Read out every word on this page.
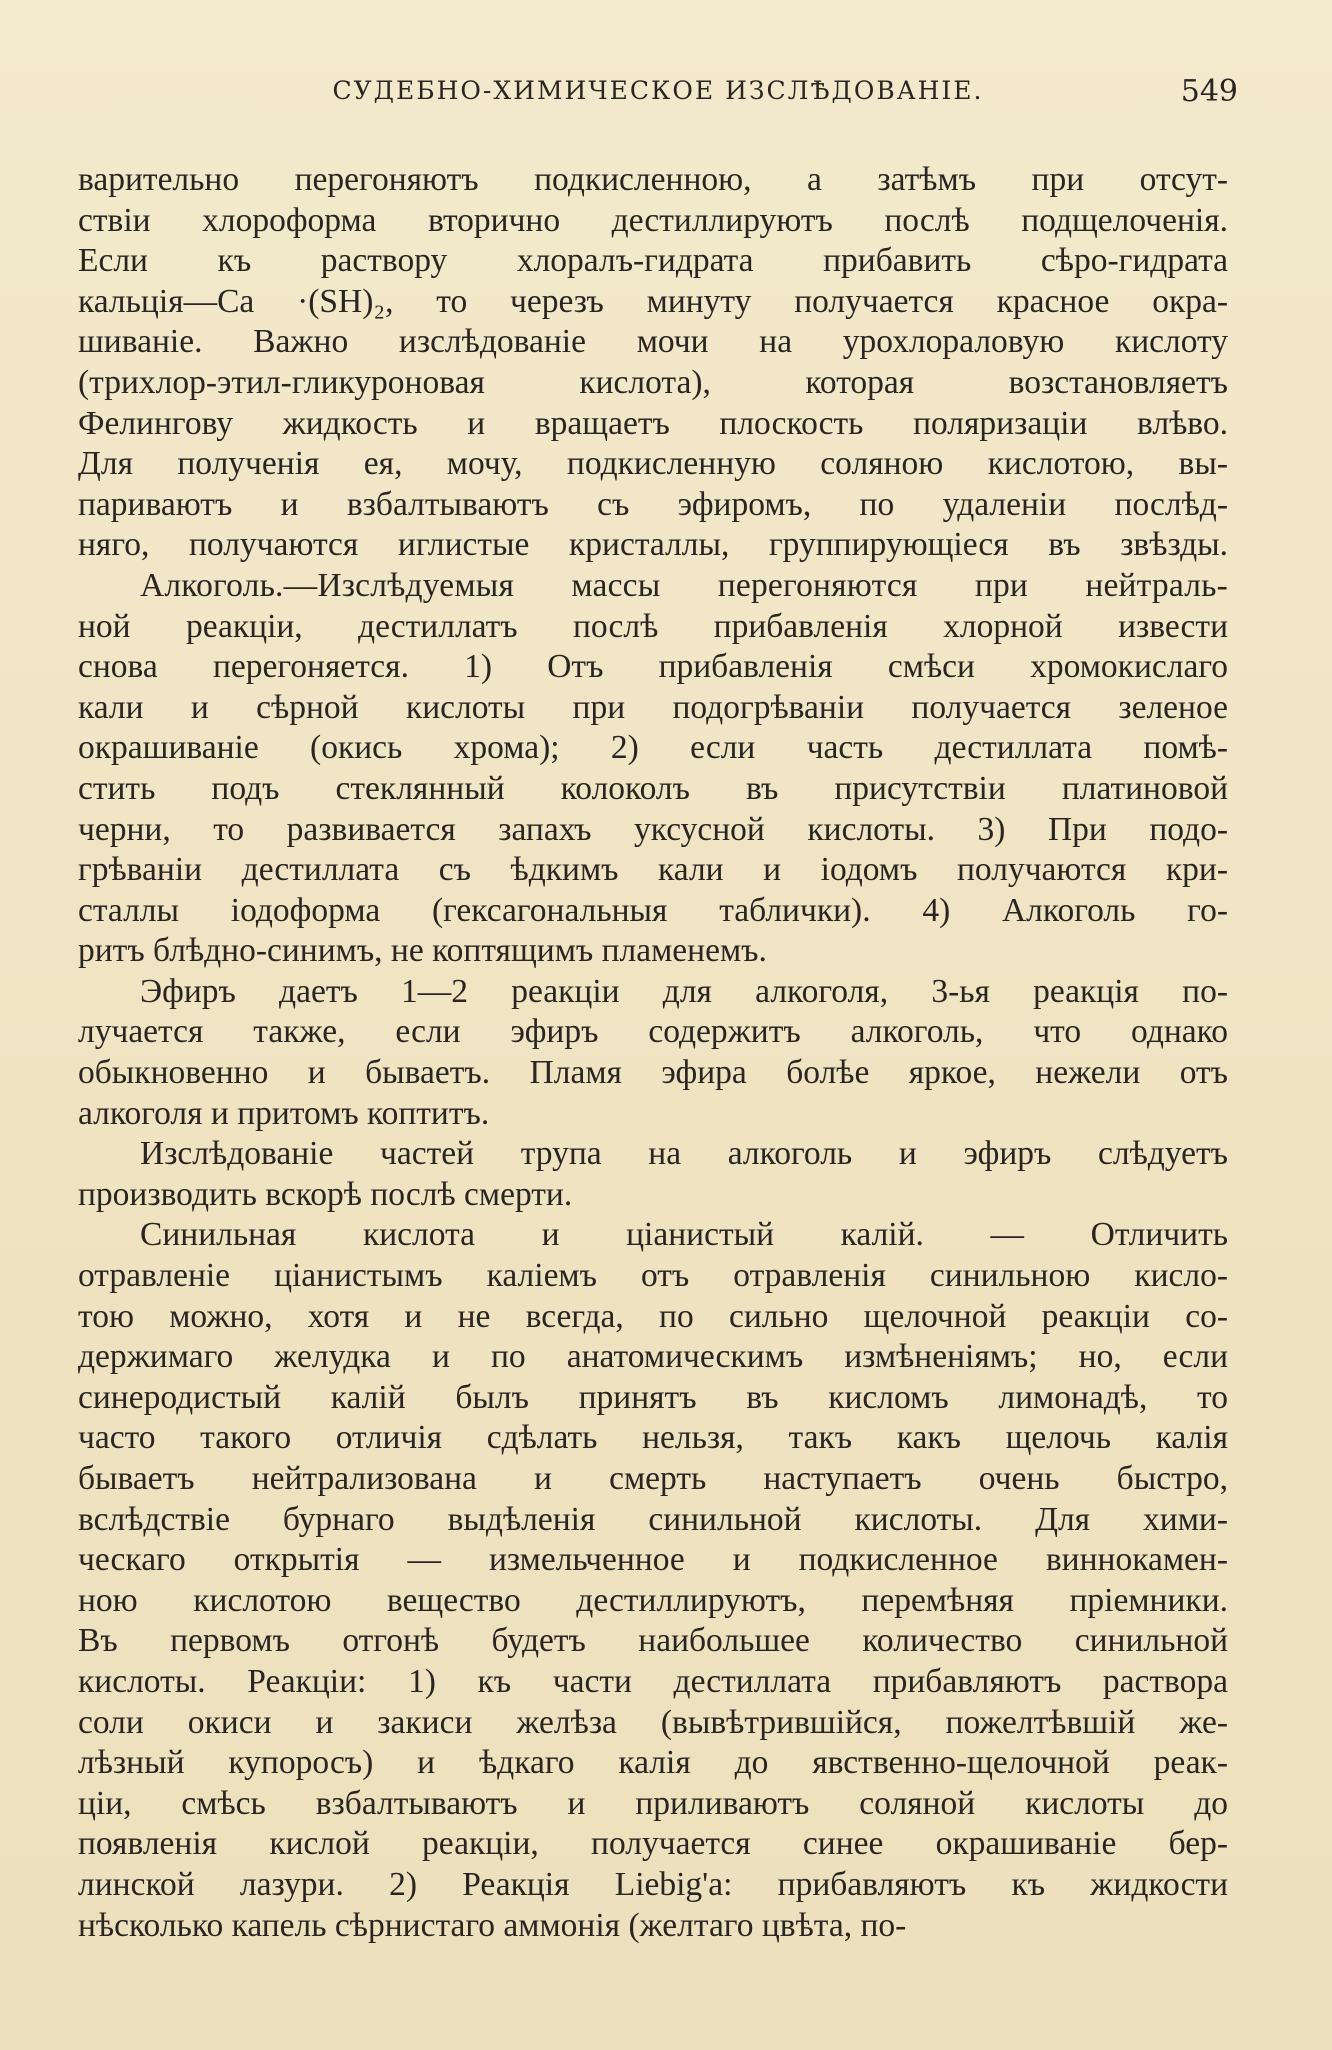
СУДЕБНО-ХИМИЧЕСКОЕ ИЗСЛѢДОВАНІЕ.	549
варительно перегоняютъ подкисленною, а затѣмъ при отсут-
ствіи хлороформа вторично дестиллируютъ послѣ подщелоченія.
Если къ раствору хлоралъ-гидрата прибавить сѣро-гидрата
кальція—Са ·(SH)₂, то черезъ минуту получается красное окра-
шиваніе. Важно изслѣдованіе мочи на урохлораловую кислоту
(трихлор-этил-гликуроновая кислота), которая возстановляетъ
Фелингову жидкость и вращаетъ плоскость поляризаціи влѣво.
Для полученія ея, мочу, подкисленную соляною кислотою, вы-
париваютъ и взбалтываютъ съ эфиромъ, по удаленіи послѣд-
няго, получаются иглистые кристаллы, группирующіеся въ звѣзды.
Алкоголь.—Изслѣдуемыя массы перегоняются при нейтраль-
ной реакціи, дестиллатъ послѣ прибавленія хлорной извести
снова перегоняется. 1) Отъ прибавленія смѣси хромокислаго
кали и сѣрной кислоты при подогрѣваніи получается зеленое
окрашиваніе (окись хрома); 2) если часть дестиллата помѣ-
стить подъ стеклянный колоколъ въ присутствіи платиновой
черни, то развивается запахъ уксусной кислоты. 3) При подо-
грѣваніи дестиллата съ ѣдкимъ кали и іодомъ получаются кри-
сталлы іодоформа (гексагональныя таблички). 4) Алкоголь го-
ритъ блѣдно-синимъ, не коптящимъ пламенемъ.
Эфиръ даетъ 1—2 реакціи для алкоголя, 3-ья реакція по-
лучается также, если эфиръ содержитъ алкоголь, что однако
обыкновенно и бываетъ. Пламя эфира болѣе яркое, нежели отъ
алкоголя и притомъ коптитъ.
Изслѣдованіе частей трупа на алкоголь и эфиръ слѣдуетъ
производить вскорѣ послѣ смерти.
Синильная кислота и ціанистый калій. — Отличить
отравленіе ціанистымъ каліемъ отъ отравленія синильною кисло-
тою можно, хотя и не всегда, по сильно щелочной реакціи со-
держимаго желудка и по анатомическимъ измѣненіямъ; но, если
синеродистый калій былъ принятъ въ кисломъ лимонадѣ, то
часто такого отличія сдѣлать нельзя, такъ какъ щелочь калія
бываетъ нейтрализована и смерть наступаетъ очень быстро,
вслѣдствіе бурнаго выдѣленія синильной кислоты. Для хими-
ческаго открытія — измельченное и подкисленное виннокамен-
ною кислотою вещество дестиллируютъ, перемѣняя пріемники.
Въ первомъ отгонѣ будетъ наибольшее количество синильной
кислоты. Реакціи: 1) къ части дестиллата прибавляютъ раствора
соли окиси и закиси желѣза (вывѣтрившійся, пожелтѣвшій же-
лѣзный купоросъ) и ѣдкаго калія до явственно-щелочной реак-
ціи, смѣсь взбалтываютъ и приливаютъ соляной кислоты до
появленія кислой реакціи, получается синее окрашиваніе бер-
линской лазури. 2) Реакція Liebig'а: прибавляютъ къ жидкости
нѣсколько капель сѣрнистаго аммонія (желтаго цвѣта, по-
